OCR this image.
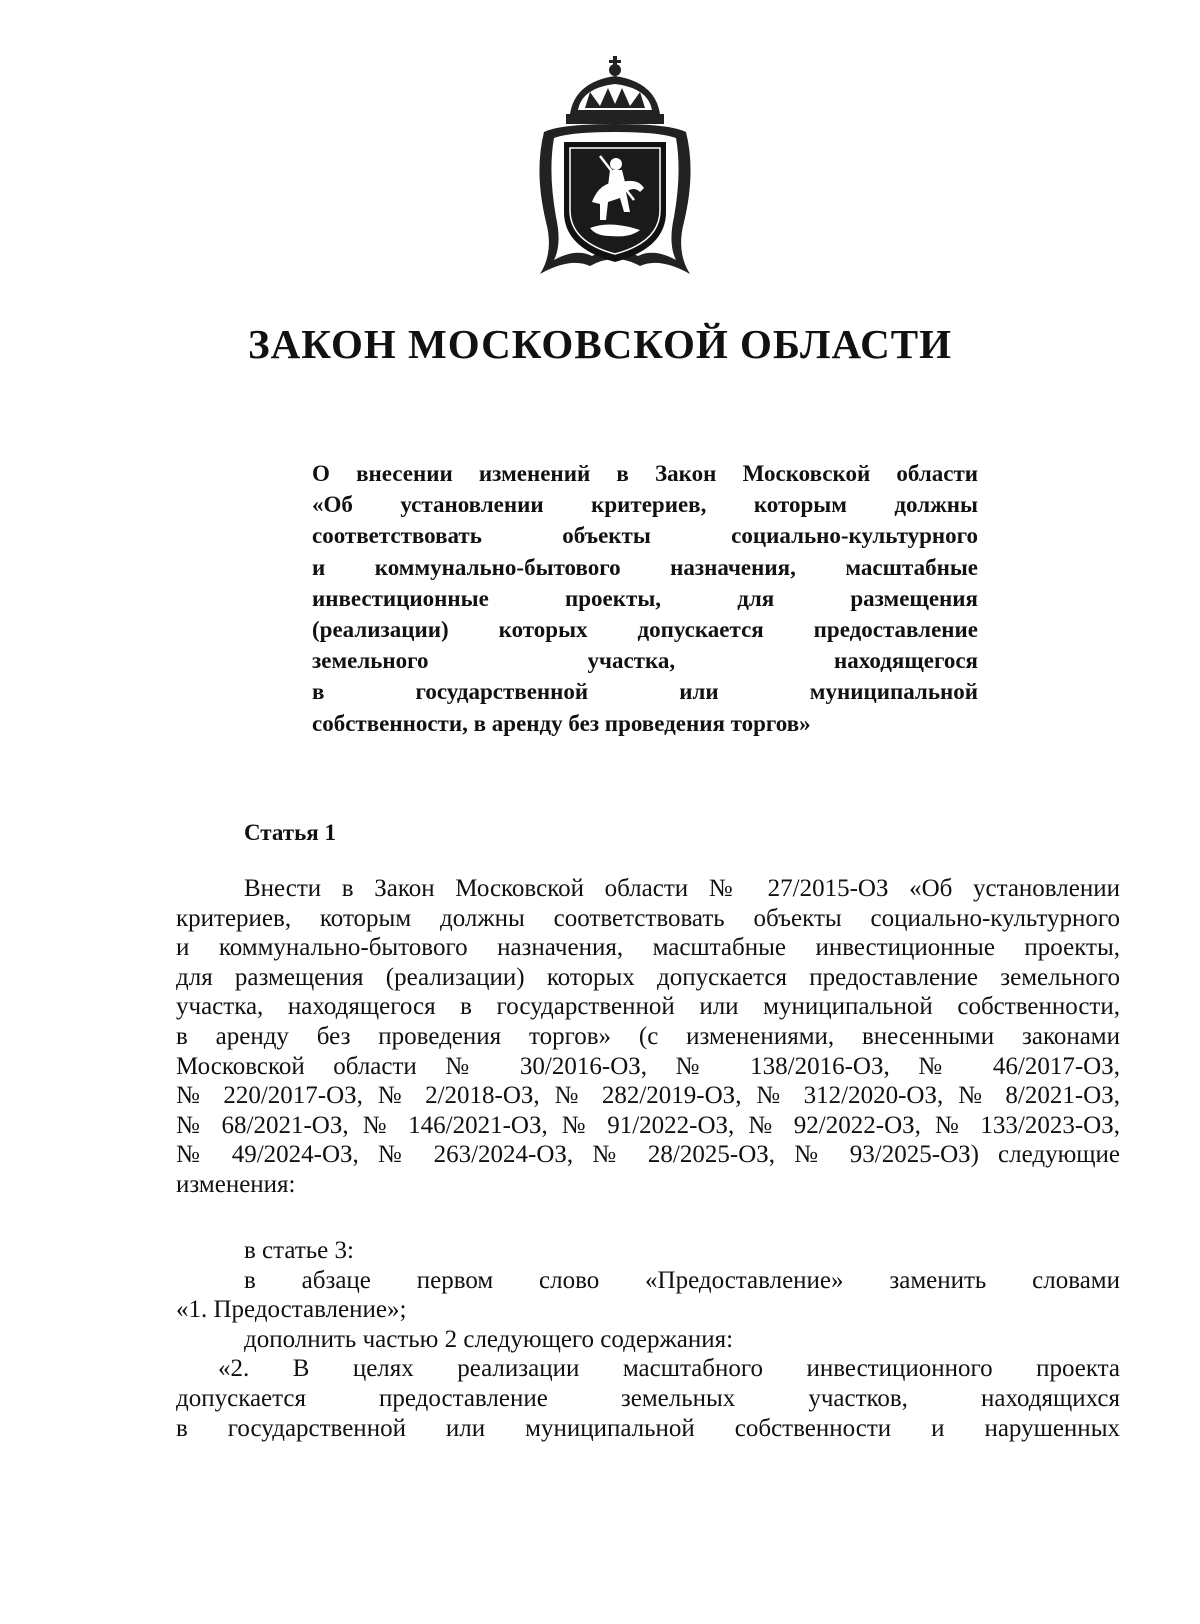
ЗАКОН МОСКОВСКОЙ ОБЛАСТИ
О внесении изменений в Закон Московской области
«Об установлении критериев, которым должны
соответствовать объекты социально-культурного
и коммунально-бытового назначения, масштабные
инвестиционные проекты, для размещения
(реализации) которых допускается предоставление
земельного участка, находящегося
в государственной или муниципальной
собственности, в аренду без проведения торгов»
Статья 1
Внести в Закон Московской области № 27/2015-ОЗ «Об установлении
критериев, которым должны соответствовать объекты социально-культурного
и коммунально-бытового назначения, масштабные инвестиционные проекты,
для размещения (реализации) которых допускается предоставление земельного
участка, находящегося в государственной или муниципальной собственности,
в аренду без проведения торгов» (с изменениями, внесенными законами
Московской области № 30/2016-ОЗ, № 138/2016-ОЗ, № 46/2017-ОЗ,
№ 220/2017-ОЗ, № 2/2018-ОЗ, № 282/2019-ОЗ, № 312/2020-ОЗ, № 8/2021-ОЗ,
№ 68/2021-ОЗ, № 146/2021-ОЗ, № 91/2022-ОЗ, № 92/2022-ОЗ, № 133/2023-ОЗ,
№ 49/2024-ОЗ, № 263/2024-ОЗ, № 28/2025-ОЗ, № 93/2025-ОЗ) следующие
изменения:
в статье 3:
в абзаце первом слово «Предоставление» заменить словами
«1. Предоставление»;
дополнить частью 2 следующего содержания:
«2. В целях реализации масштабного инвестиционного проекта
допускается предоставление земельных участков, находящихся
в государственной или муниципальной собственности и нарушенных
